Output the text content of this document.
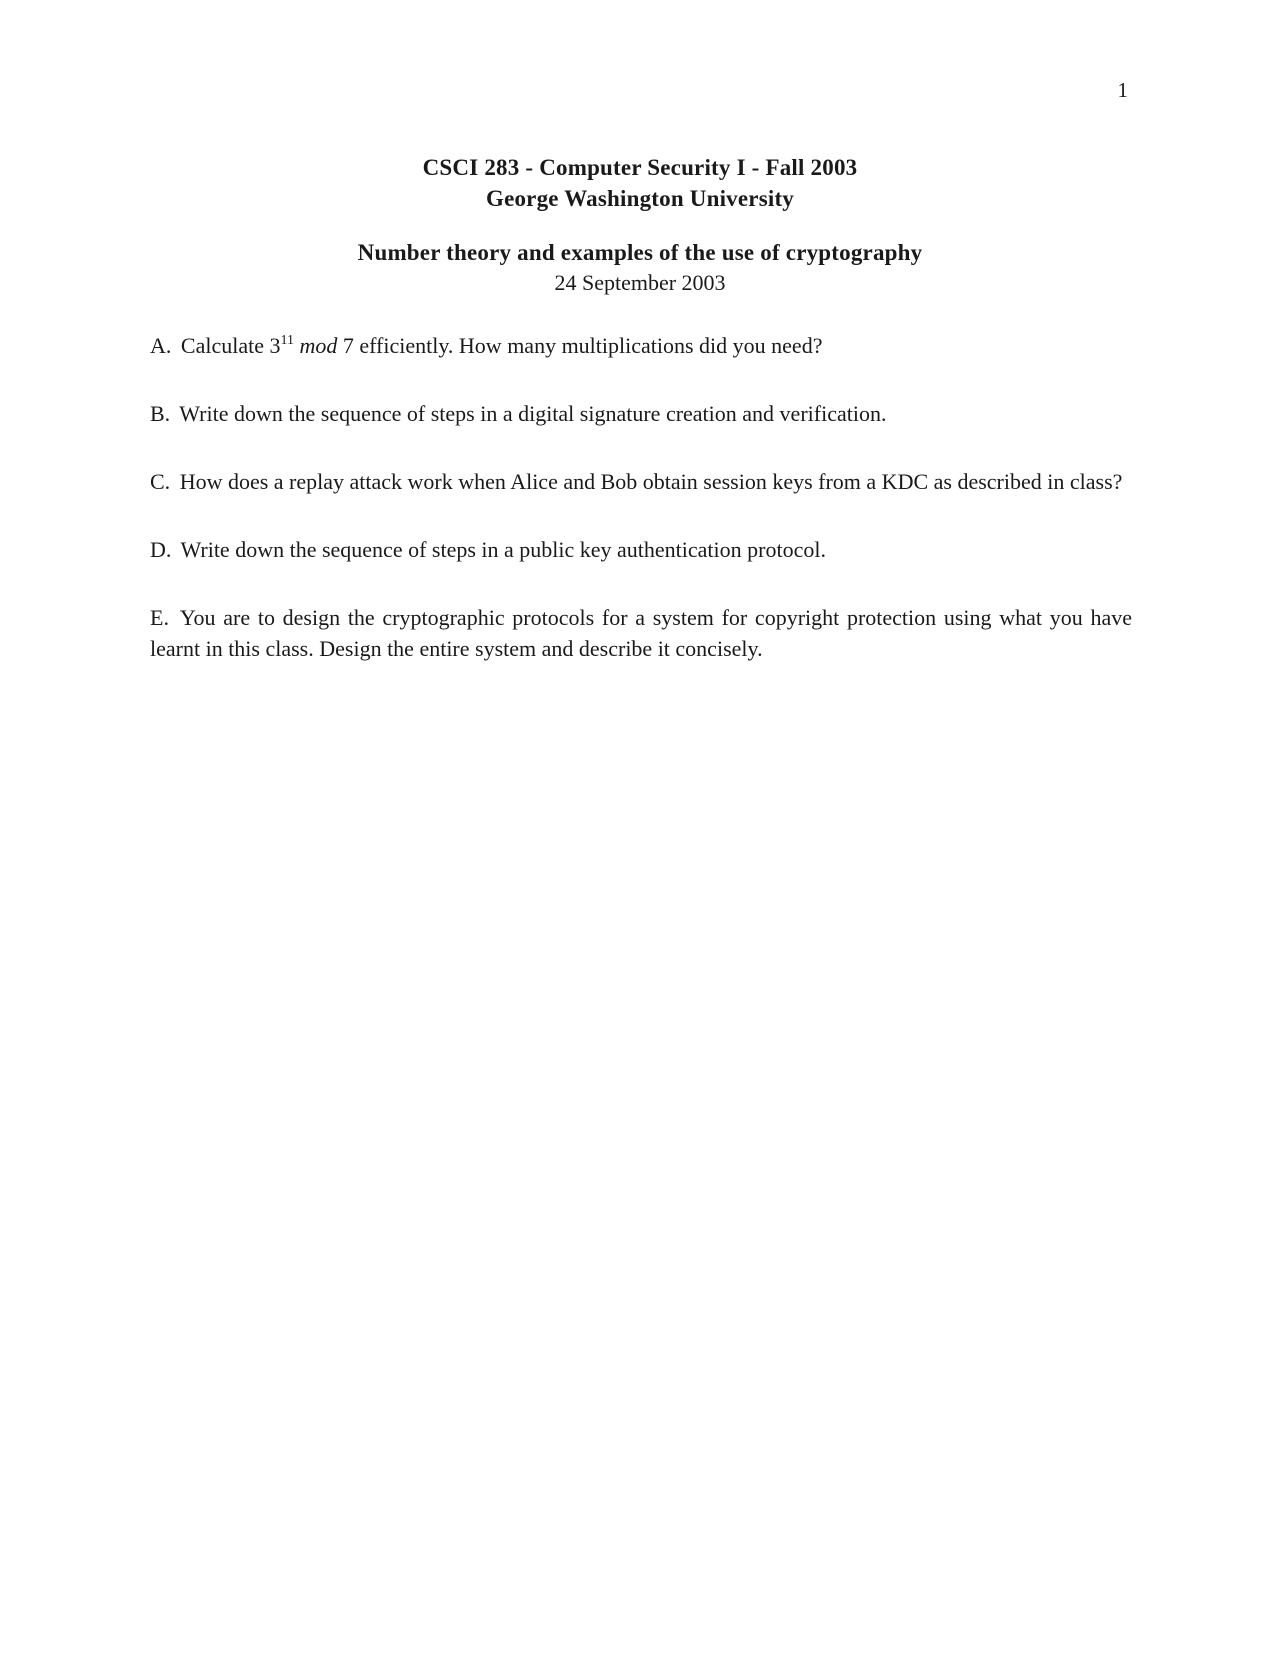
1
CSCI 283 - Computer Security I - Fall 2003
George Washington University
Number theory and examples of the use of cryptography
24 September 2003

A. Calculate $3^{11}$ mod 7 efficiently. How many multiplications did you need?

B. Write down the sequence of steps in a digital signature creation and verification.

C. How does a replay attack work when Alice and Bob obtain session keys from a KDC as described in class?

D. Write down the sequence of steps in a public key authentication protocol.

E. You are to design the cryptographic protocols for a system for copyright protection using what you have learnt in this class. Design the entire system and describe it concisely.
